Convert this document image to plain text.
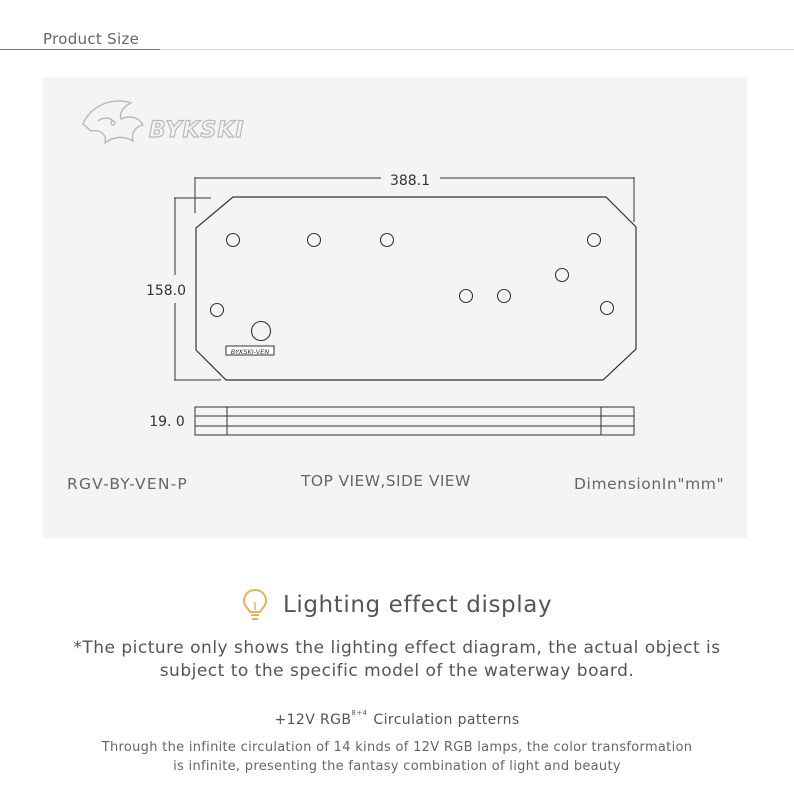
Product Size
BYKSKI
388.1
158.0
BYKSKI-VEN
19. 0
RGV-BY-VEN-P	TOP VIEW,SIDE VIEW	DimensionIn"mm"
Lighting effect display
*The picture only shows the lighting effect diagram, the actual object is
subject to the specific model of the waterway board.
+12V $RGB^{8+4}$ Circulation patterns
Through the infinite circulation of 14 kinds of 12V RGB lamps, the color transformation
is infinite, presenting the fantasy combination of light and beauty
